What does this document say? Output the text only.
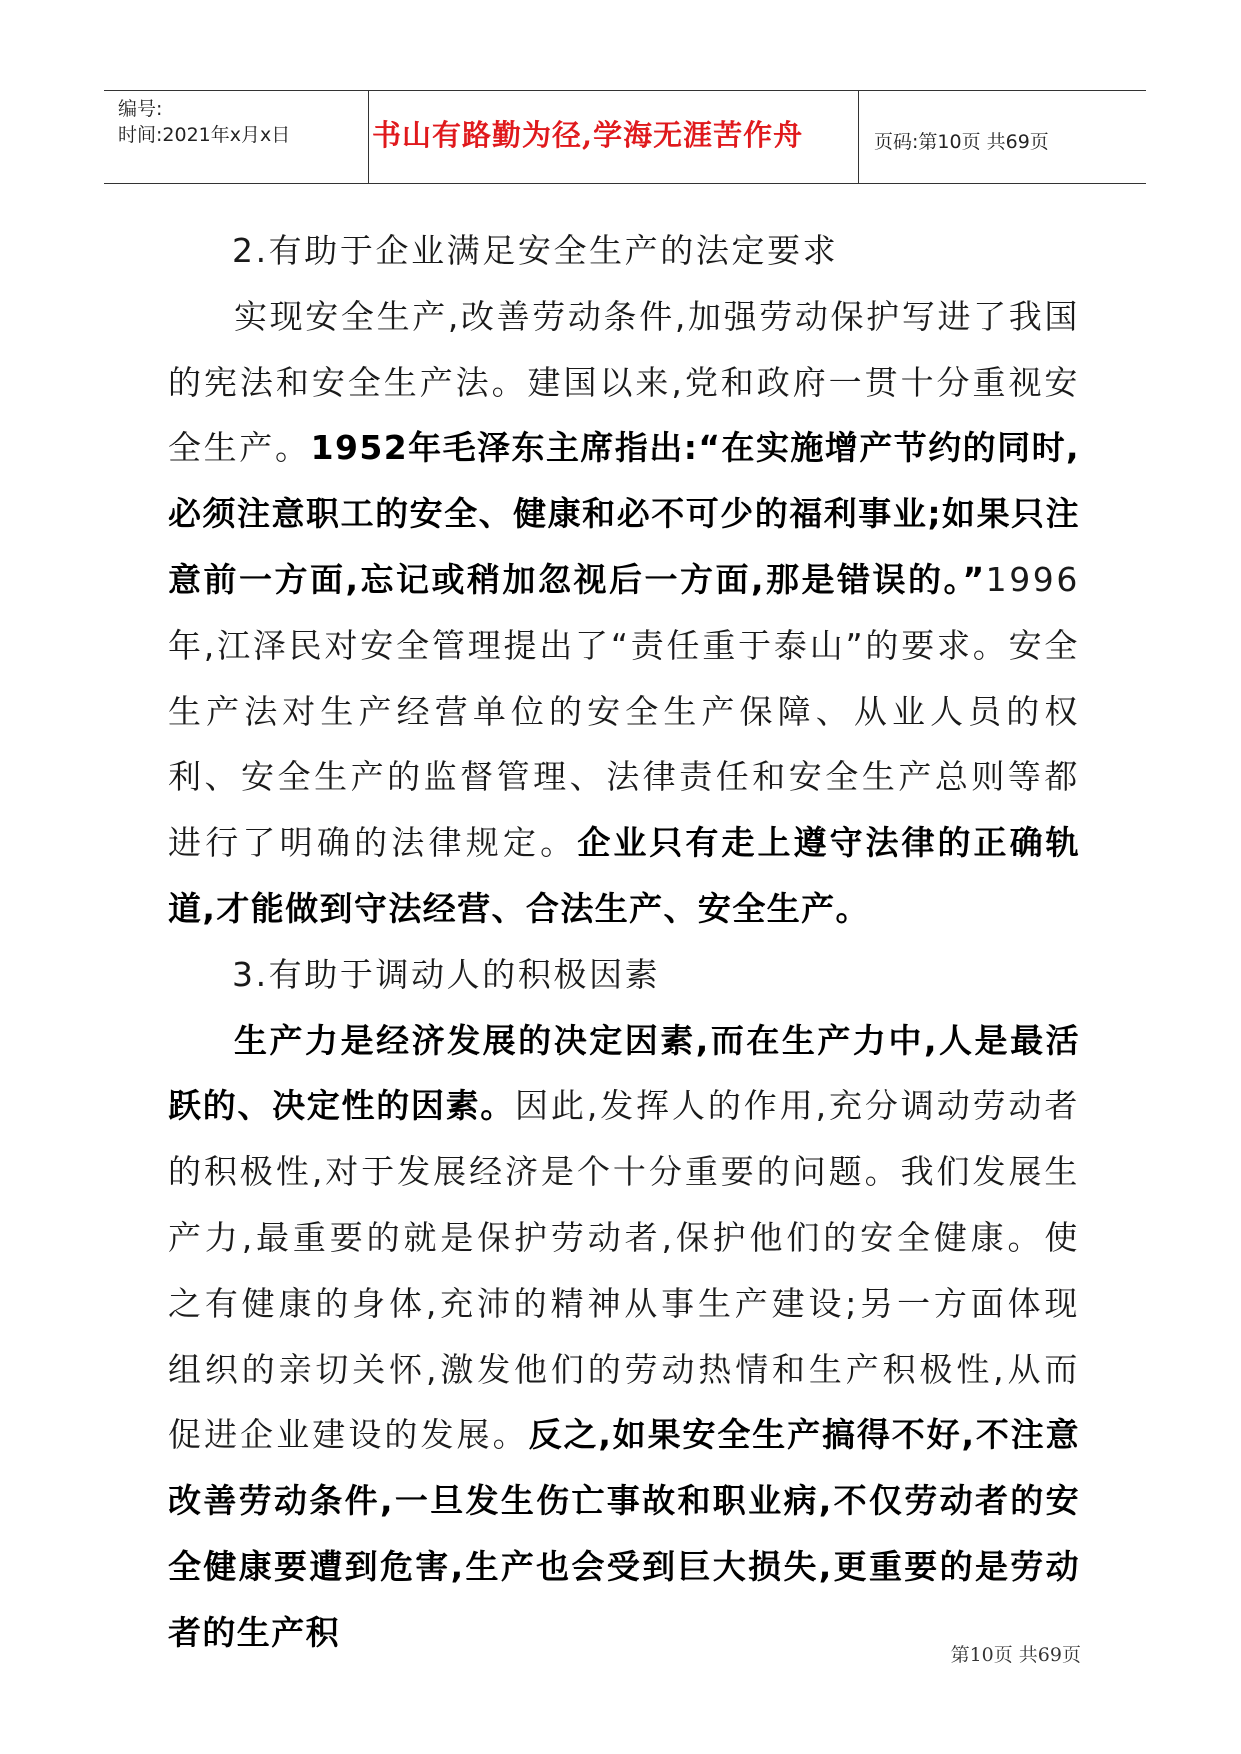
编号:
时间:2021年x月x日	书山有路勤为径,学海无涯苦作舟	页码:第10页 共69页

2.有助于企业满足安全生产的法定要求

实现安全生产,改善劳动条件,加强劳动保护写进了我国的宪法和安全生产法。建国以来,党和政府一贯十分重视安全生产。1952年毛泽东主席指出:“在实施增产节约的同时,必须注意职工的安全、健康和必不可少的福利事业;如果只注意前一方面,忘记或稍加忽视后一方面,那是错误的。”1996年,江泽民对安全管理提出了“责任重于泰山”的要求。安全生产法对生产经营单位的安全生产保障、从业人员的权利、安全生产的监督管理、法律责任和安全生产总则等都进行了明确的法律规定。企业只有走上遵守法律的正确轨道,才能做到守法经营、合法生产、安全生产。

3.有助于调动人的积极因素

生产力是经济发展的决定因素,而在生产力中,人是最活跃的、决定性的因素。因此,发挥人的作用,充分调动劳动者的积极性,对于发展经济是个十分重要的问题。我们发展生产力,最重要的就是保护劳动者,保护他们的安全健康。使之有健康的身体,充沛的精神从事生产建设;另一方面体现组织的亲切关怀,激发他们的劳动热情和生产积极性,从而促进企业建设的发展。反之,如果安全生产搞得不好,不注意改善劳动条件,一旦发生伤亡事故和职业病,不仅劳动者的安全健康要遭到危害,生产也会受到巨大损失,更重要的是劳动者的生产积

第10页 共69页
